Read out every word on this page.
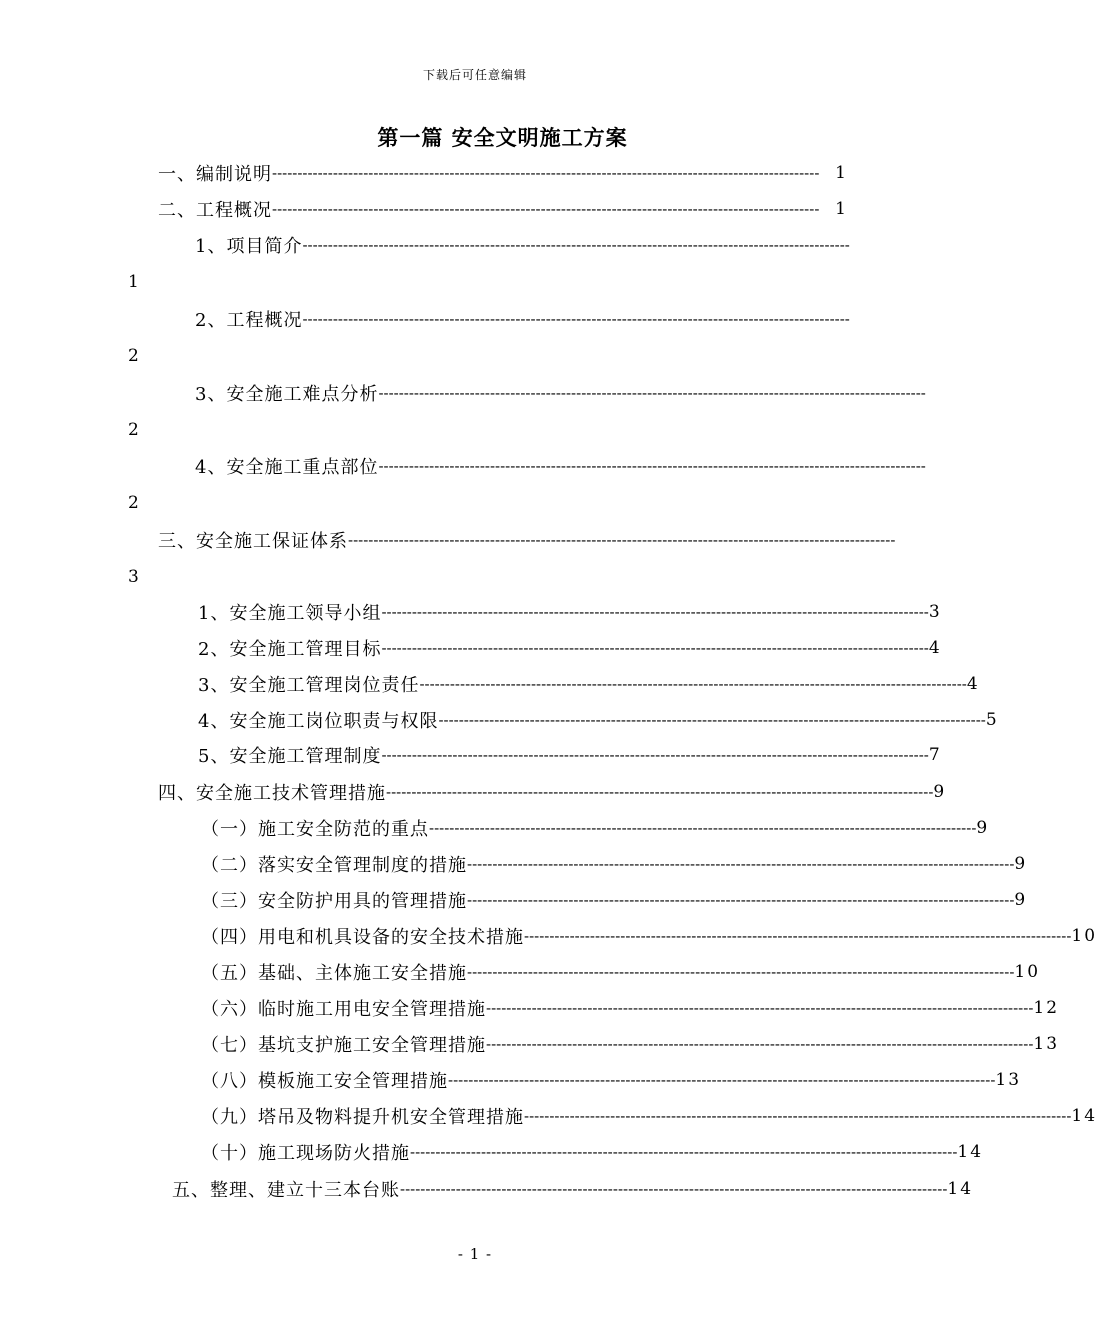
下载后可任意编辑
第一篇 安全文明施工方案
一、编制说明 ------------------------------------------------------------------------------------------------------------ 1
二、工程概况 ------------------------------------------------------------------------------------------------------------ 1
1、项目简介 ------------------------------------------------------------------------------------------------------------
1
2、工程概况 ------------------------------------------------------------------------------------------------------------
2
3、安全施工难点分析 ------------------------------------------------------------------------------------------------------------
2
4、安全施工重点部位 ------------------------------------------------------------------------------------------------------------
2
三、安全施工保证体系 ------------------------------------------------------------------------------------------------------------
3
1、安全施工领导小组 ------------------------------------------------------------------------------------------------------------ 3
2、安全施工管理目标 ------------------------------------------------------------------------------------------------------------ 4
3、安全施工管理岗位责任 ------------------------------------------------------------------------------------------------------------ 4
4、安全施工岗位职责与权限 ------------------------------------------------------------------------------------------------------------ 5
5、安全施工管理制度 ------------------------------------------------------------------------------------------------------------ 7
四、安全施工技术管理措施 ------------------------------------------------------------------------------------------------------------ 9
（一）施工安全防范的重点 ------------------------------------------------------------------------------------------------------------ 9
（二）落实安全管理制度的措施 ------------------------------------------------------------------------------------------------------------ 9
（三）安全防护用具的管理措施 ------------------------------------------------------------------------------------------------------------ 9
（四）用电和机具设备的安全技术措施 ------------------------------------------------------------------------------------------------------------ 10
（五）基础、主体施工安全措施 ------------------------------------------------------------------------------------------------------------ 10
（六）临时施工用电安全管理措施 ------------------------------------------------------------------------------------------------------------ 12
（七）基坑支护施工安全管理措施 ------------------------------------------------------------------------------------------------------------ 13
（八）模板施工安全管理措施 ------------------------------------------------------------------------------------------------------------ 13
（九）塔吊及物料提升机安全管理措施 ------------------------------------------------------------------------------------------------------------ 14
（十）施工现场防火措施 ------------------------------------------------------------------------------------------------------------ 14
五、整理、建立十三本台账 ------------------------------------------------------------------------------------------------------------ 14
- 1 -
